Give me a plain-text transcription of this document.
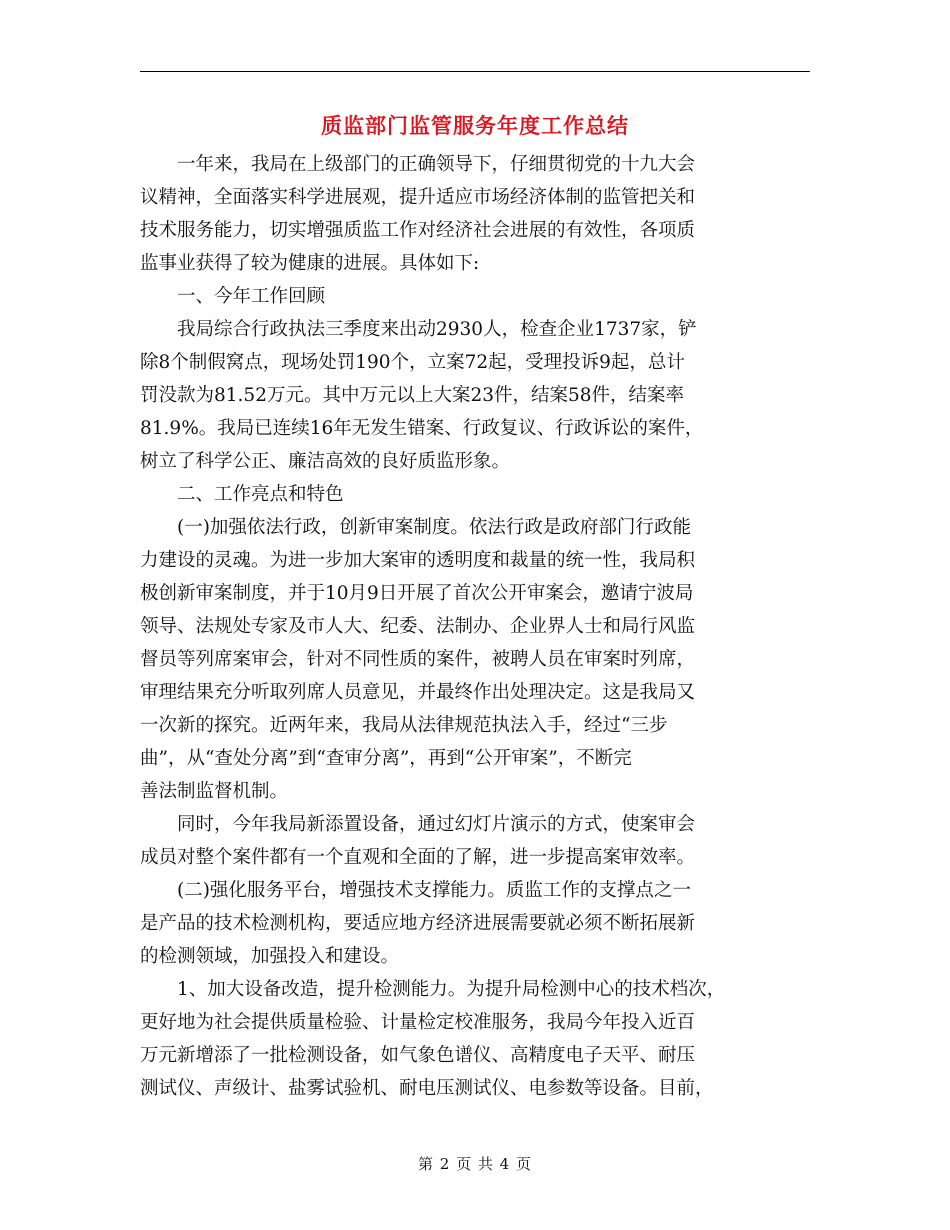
质监部门监管服务年度工作总结
　　一年来，我局在上级部门的正确领导下，仔细贯彻党的十九大会
议精神，全面落实科学进展观，提升适应市场经济体制的监管把关和
技术服务能力，切实增强质监工作对经济社会进展的有效性，各项质
监事业获得了较为健康的进展。具体如下:
　　一、今年工作回顾
　　我局综合行政执法三季度来出动2930人，检查企业1737家，铲
除8个制假窝点，现场处罚190个，立案72起，受理投诉9起，总计
罚没款为81.52万元。其中万元以上大案23件，结案58件，结案率
81.9%。我局已连续16年无发生错案、行政复议、行政诉讼的案件，
树立了科学公正、廉洁高效的良好质监形象。
　　二、工作亮点和特色
　　(一)加强依法行政，创新审案制度。依法行政是政府部门行政能
力建设的灵魂。为进一步加大案审的透明度和裁量的统一性，我局积
极创新审案制度，并于10月9日开展了首次公开审案会，邀请宁波局
领导、法规处专家及市人大、纪委、法制办、企业界人士和局行风监
督员等列席案审会，针对不同性质的案件，被聘人员在审案时列席，
审理结果充分听取列席人员意见，并最终作出处理决定。这是我局又
一次新的探究。近两年来，我局从法律规范执法入手，经过“三步
曲”，从“查处分离”到“查审分离”，再到“公开审案”，不断完
善法制监督机制。
　　同时，今年我局新添置设备，通过幻灯片演示的方式，使案审会
成员对整个案件都有一个直观和全面的了解，进一步提高案审效率。
　　(二)强化服务平台，增强技术支撑能力。质监工作的支撑点之一
是产品的技术检测机构，要适应地方经济进展需要就必须不断拓展新
的检测领域，加强投入和建设。
　　1、加大设备改造，提升检测能力。为提升局检测中心的技术档次，
更好地为社会提供质量检验、计量检定校准服务，我局今年投入近百
万元新增添了一批检测设备，如气象色谱仪、高精度电子天平、耐压
测试仪、声级计、盐雾试验机、耐电压测试仪、电参数等设备。目前，
第 2 页 共 4 页
